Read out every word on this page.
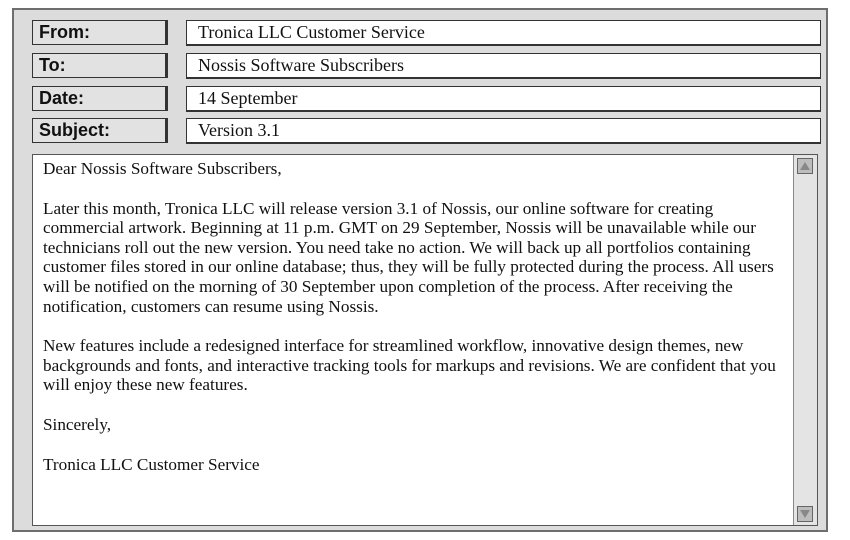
From:	Tronica LLC Customer Service
To:	Nossis Software Subscribers
Date:	14 September
Subject:	Version 3.1

Dear Nossis Software Subscribers,

Later this month, Tronica LLC will release version 3.1 of Nossis, our online software for creating commercial artwork. Beginning at 11 p.m. GMT on 29 September, Nossis will be unavailable while our technicians roll out the new version. You need take no action. We will back up all portfolios containing customer files stored in our online database; thus, they will be fully protected during the process. All users will be notified on the morning of 30 September upon completion of the process. After receiving the notification, customers can resume using Nossis.

New features include a redesigned interface for streamlined workflow, innovative design themes, new backgrounds and fonts, and interactive tracking tools for markups and revisions. We are confident that you will enjoy these new features.

Sincerely,

Tronica LLC Customer Service
